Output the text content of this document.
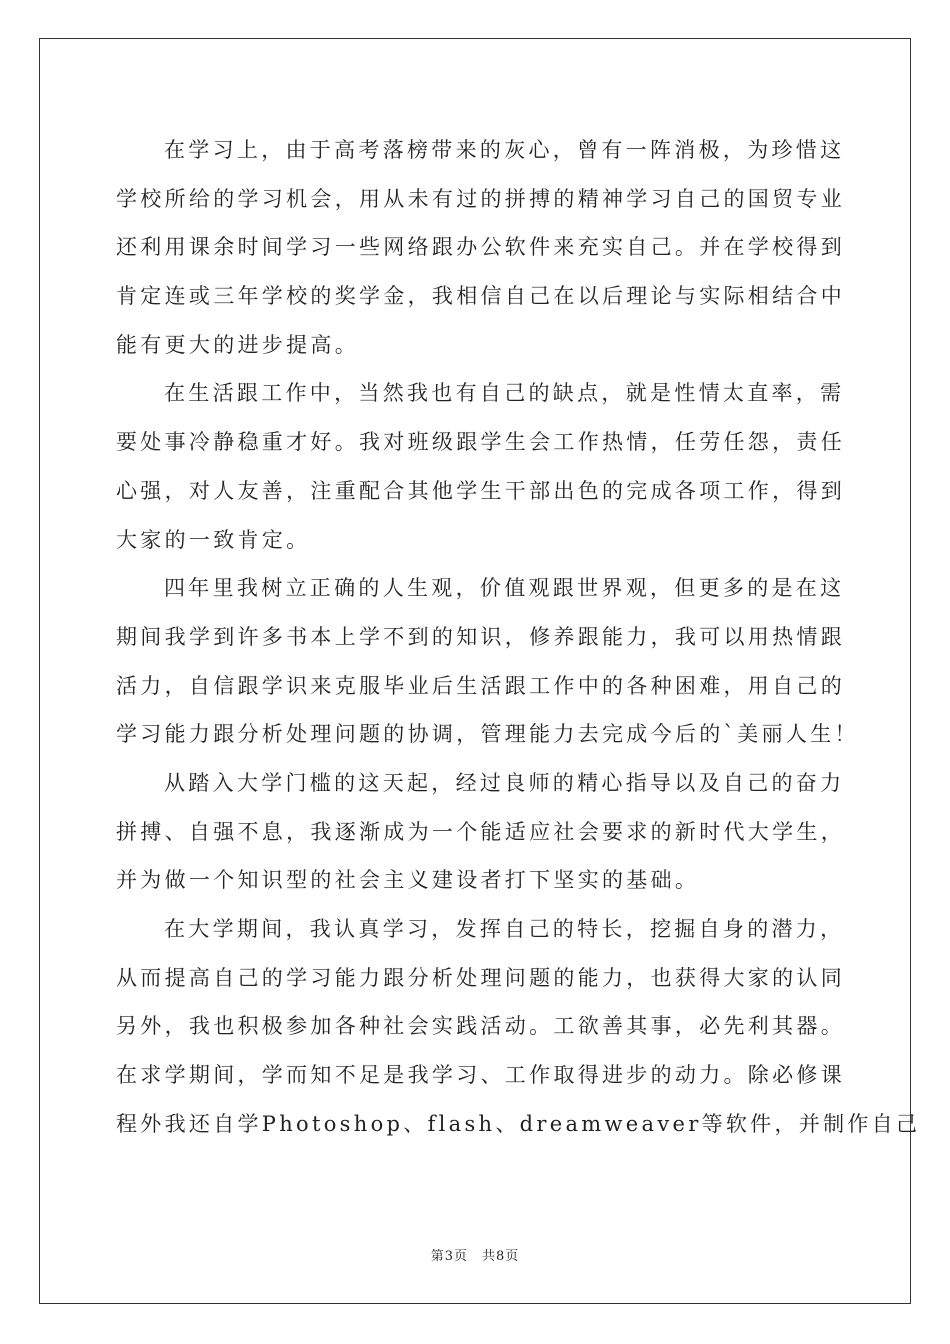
在学习上，由于高考落榜带来的灰心，曾有一阵消极，为珍惜这
学校所给的学习机会，用从未有过的拼搏的精神学习自己的国贸专业
还利用课余时间学习一些网络跟办公软件来充实自己。并在学校得到
肯定连或三年学校的奖学金，我相信自己在以后理论与实际相结合中
能有更大的进步提高。
在生活跟工作中，当然我也有自己的缺点，就是性情太直率，需
要处事冷静稳重才好。我对班级跟学生会工作热情，任劳任怨，责任
心强，对人友善，注重配合其他学生干部出色的完成各项工作，得到
大家的一致肯定。
四年里我树立正确的人生观，价值观跟世界观，但更多的是在这
期间我学到许多书本上学不到的知识，修养跟能力，我可以用热情跟
活力，自信跟学识来克服毕业后生活跟工作中的各种困难，用自己的
学习能力跟分析处理问题的协调，管理能力去完成今后的`美丽人生！
从踏入大学门槛的这天起，经过良师的精心指导以及自己的奋力
拼搏、自强不息，我逐渐成为一个能适应社会要求的新时代大学生，
并为做一个知识型的社会主义建设者打下坚实的基础。
在大学期间，我认真学习，发挥自己的特长，挖掘自身的潜力，
从而提高自己的学习能力跟分析处理问题的能力，也获得大家的认同
另外，我也积极参加各种社会实践活动。工欲善其事，必先利其器。
在求学期间，学而知不足是我学习、工作取得进步的动力。除必修课
程外我还自学Photoshop、flash、dreamweaver等软件，并制作自己
第3页 共8页
